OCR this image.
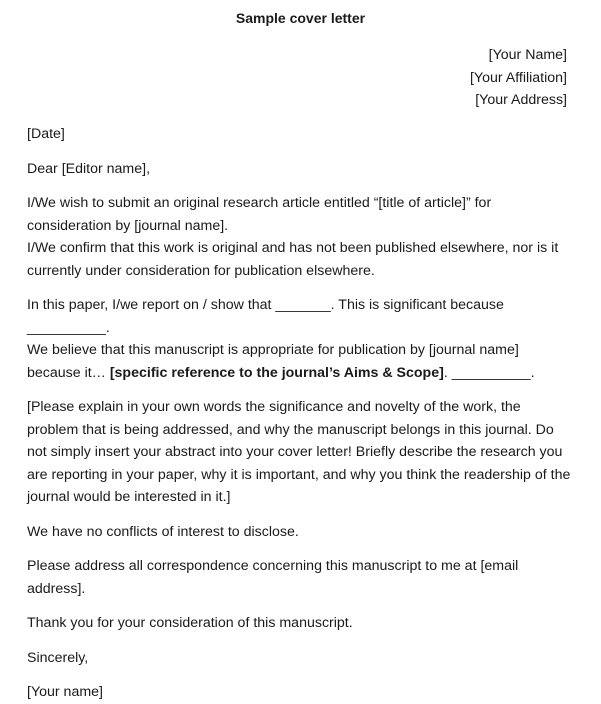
Sample cover letter
[Your Name]
[Your Affiliation]
[Your Address]

[Date]

Dear [Editor name],

I/We wish to submit an original research article entitled “[title of article]” for consideration by [journal name].

I/We confirm that this work is original and has not been published elsewhere, nor is it currently under consideration for publication elsewhere.

In this paper, I/we report on / show that _______. This is significant because __________.

We believe that this manuscript is appropriate for publication by [journal name] because it… [specific reference to the journal’s Aims & Scope]. __________.

[Please explain in your own words the significance and novelty of the work, the problem that is being addressed, and why the manuscript belongs in this journal. Do not simply insert your abstract into your cover letter! Briefly describe the research you are reporting in your paper, why it is important, and why you think the readership of the journal would be interested in it.]

We have no conflicts of interest to disclose.

Please address all correspondence concerning this manuscript to me at [email address].

Thank you for your consideration of this manuscript.

Sincerely,

[Your name]
